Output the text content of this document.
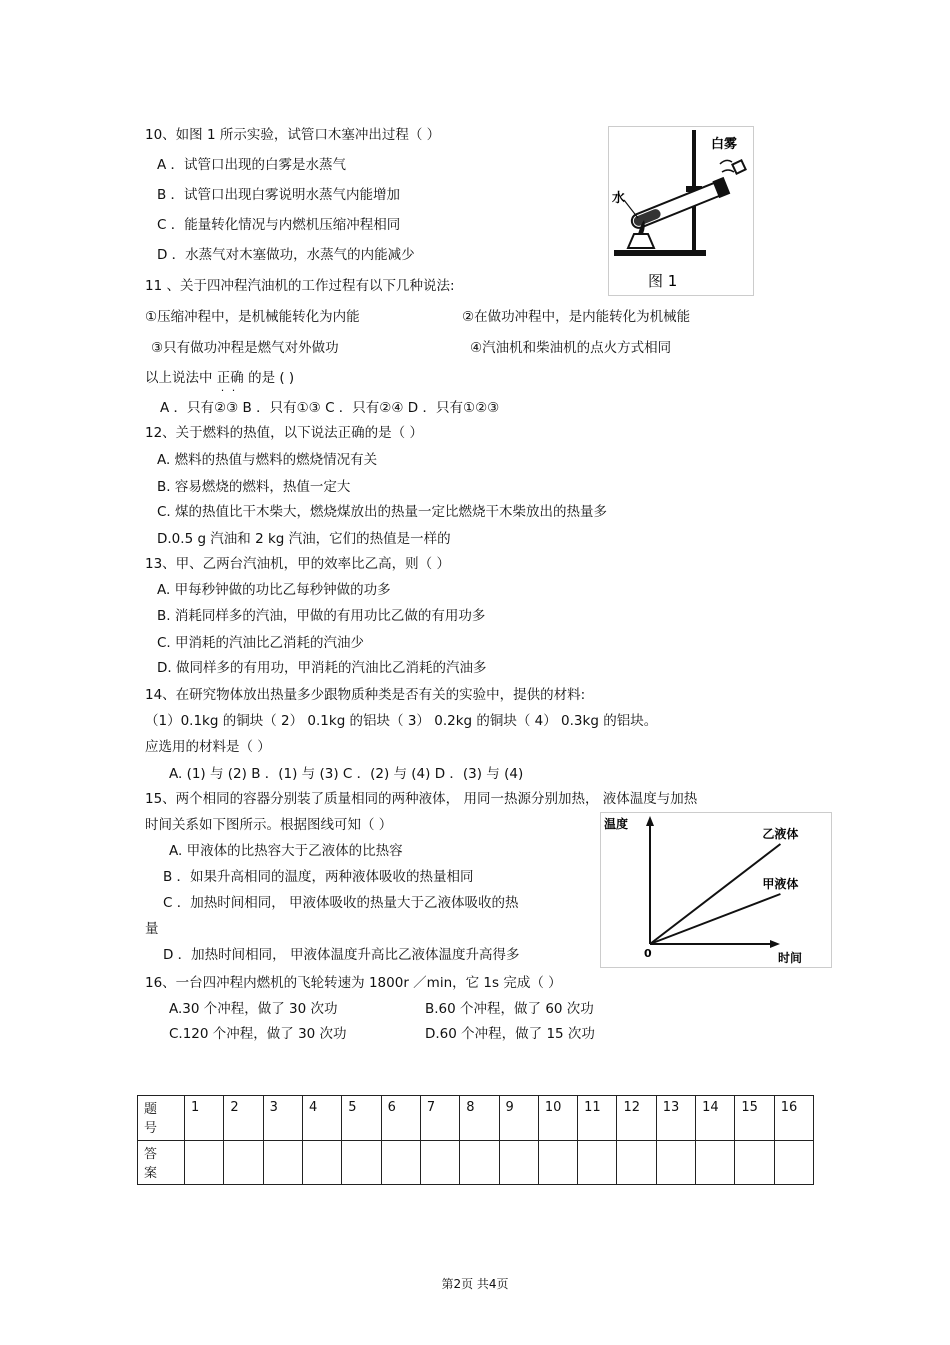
10、如图 1 所示实验，试管口木塞冲出过程（ ）
A ．试管口出现的白雾是水蒸气
B ．试管口出现白雾说明水蒸气内能增加
C ．能量转化情况与内燃机压缩冲程相同
D ．水蒸气对木塞做功，水蒸气的内能减少
白雾
水
图 1
11 、关于四冲程汽油机的工作过程有以下几种说法:
①压缩冲程中，是机械能转化为内能	②在做功冲程中，是内能转化为机械能
③只有做功冲程是燃气对外做功	④汽油机和柴油机的点火方式相同
以上说法中 正确 · · 的是 ( )
A ．只有②③ B ．只有①③ C ．只有②④ D ．只有①②③
12、关于燃料的热值，以下说法正确的是（ ）
A. 燃料的热值与燃料的燃烧情况有关
B. 容易燃烧的燃料，热值一定大
C. 煤的热值比干木柴大，燃烧煤放出的热量一定比燃烧干木柴放出的热量多
D.0.5 g 汽油和 2 kg 汽油，它们的热值是一样的
13、甲、乙两台汽油机，甲的效率比乙高，则（ ）
A. 甲每秒钟做的功比乙每秒钟做的功多
B. 消耗同样多的汽油，甲做的有用功比乙做的有用功多
C. 甲消耗的汽油比乙消耗的汽油少
D. 做同样多的有用功，甲消耗的汽油比乙消耗的汽油多
14、在研究物体放出热量多少跟物质种类是否有关的实验中，提供的材料:
（1）0.1kg 的铜块（ 2） 0.1kg 的铝块（ 3） 0.2kg 的铜块（ 4） 0.3kg 的铝块。
应选用的材料是（ ）
A. (1) 与 (2) B ．(1) 与 (3) C ．(2) 与 (4) D ．(3) 与 (4)
15、两个相同的容器分别装了质量相同的两种液体， 用同一热源分别加热， 液体温度与加热
时间关系如下图所示。根据图线可知（ ）
A. 甲液体的比热容大于乙液体的比热容
B ．如果升高相同的温度，两种液体吸收的热量相同
C ．加热时间相同， 甲液体吸收的热量大于乙液体吸收的热
量
D ．加热时间相同， 甲液体温度升高比乙液体温度升高得多
温度
时间
0
乙液体
甲液体
16、一台四冲程内燃机的飞轮转速为 1800r ／min，它 1s 完成（ ）
A.30 个冲程，做了 30 次功	B.60 个冲程，做了 60 次功
C.120 个冲程，做了 30 次功	D.60 个冲程，做了 15 次功
题
号	1	2	3	4	5	6	7	8	9	10	11	12	13	14	15	16
答
案																
第2页 共4页
